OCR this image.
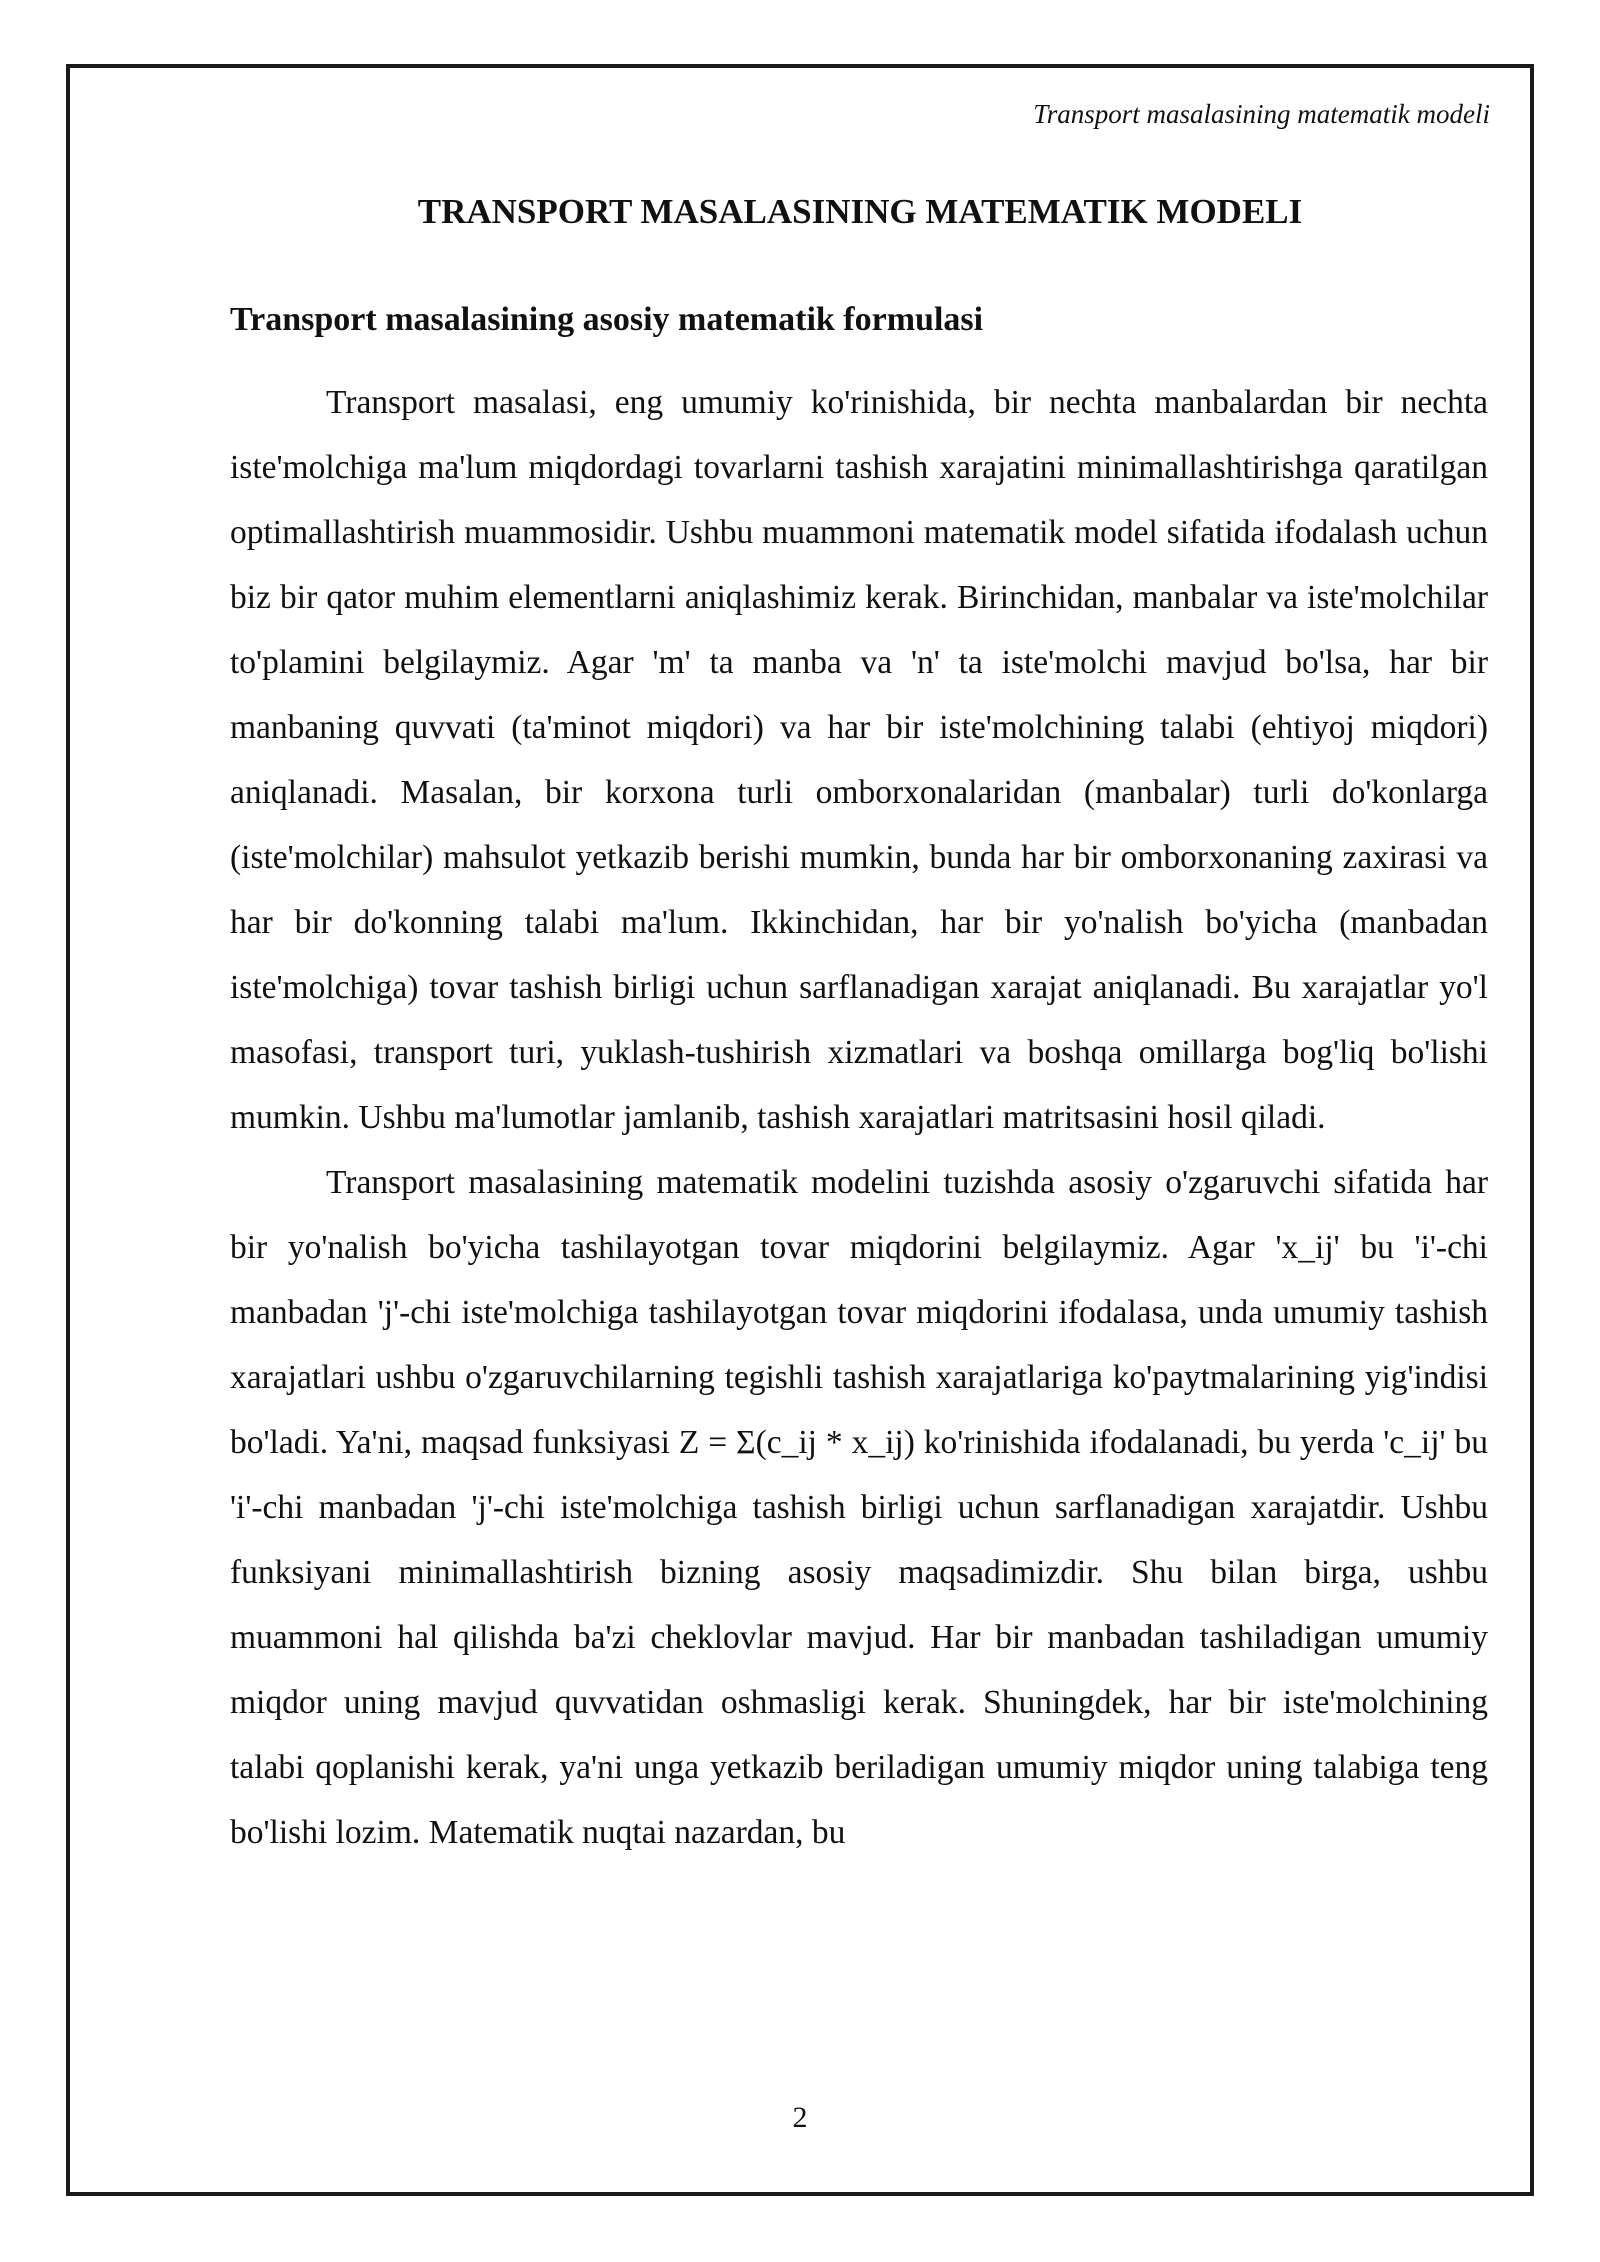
Transport masalasining matematik modeli
TRANSPORT MASALASINING MATEMATIK MODELI
Transport masalasining asosiy matematik formulasi

Transport masalasi, eng umumiy ko'rinishida, bir nechta manbalardan bir nechta iste'molchiga ma'lum miqdordagi tovarlarni tashish xarajatini minimallashtirishga qaratilgan optimallashtirish muammosidir. Ushbu muammoni matematik model sifatida ifodalash uchun biz bir qator muhim elementlarni aniqlashimiz kerak. Birinchidan, manbalar va iste'molchilar to'plamini belgilaymiz. Agar 'm' ta manba va 'n' ta iste'molchi mavjud bo'lsa, har bir manbaning quvvati (ta'minot miqdori) va har bir iste'molchining talabi (ehtiyoj miqdori) aniqlanadi. Masalan, bir korxona turli omborxonalaridan (manbalar) turli do'konlarga (iste'molchilar) mahsulot yetkazib berishi mumkin, bunda har bir omborxonaning zaxirasi va har bir do'konning talabi ma'lum. Ikkinchidan, har bir yo'nalish bo'yicha (manbadan iste'molchiga) tovar tashish birligi uchun sarflanadigan xarajat aniqlanadi. Bu xarajatlar yo'l masofasi, transport turi, yuklash-tushirish xizmatlari va boshqa omillarga bog'liq bo'lishi mumkin. Ushbu ma'lumotlar jamlanib, tashish xarajatlari matritsasini hosil qiladi.

Transport masalasining matematik modelini tuzishda asosiy o'zgaruvchi sifatida har bir yo'nalish bo'yicha tashilayotgan tovar miqdorini belgilaymiz. Agar 'x_ij' bu 'i'-chi manbadan 'j'-chi iste'molchiga tashilayotgan tovar miqdorini ifodalasa, unda umumiy tashish xarajatlari ushbu o'zgaruvchilarning tegishli tashish xarajatlariga ko'paytmalarining yig'indisi bo'ladi. Ya'ni, maqsad funksiyasi Z = Σ(c_ij * x_ij) ko'rinishida ifodalanadi, bu yerda 'c_ij' bu 'i'-chi manbadan 'j'-chi iste'molchiga tashish birligi uchun sarflanadigan xarajatdir. Ushbu funksiyani minimallashtirish bizning asosiy maqsadimizdir. Shu bilan birga, ushbu muammoni hal qilishda ba'zi cheklovlar mavjud. Har bir manbadan tashiladigan umumiy miqdor uning mavjud quvvatidan oshmasligi kerak. Shuningdek, har bir iste'molchining talabi qoplanishi kerak, ya'ni unga yetkazib beriladigan umumiy miqdor uning talabiga teng bo'lishi lozim. Matematik nuqtai nazardan, bu

2
